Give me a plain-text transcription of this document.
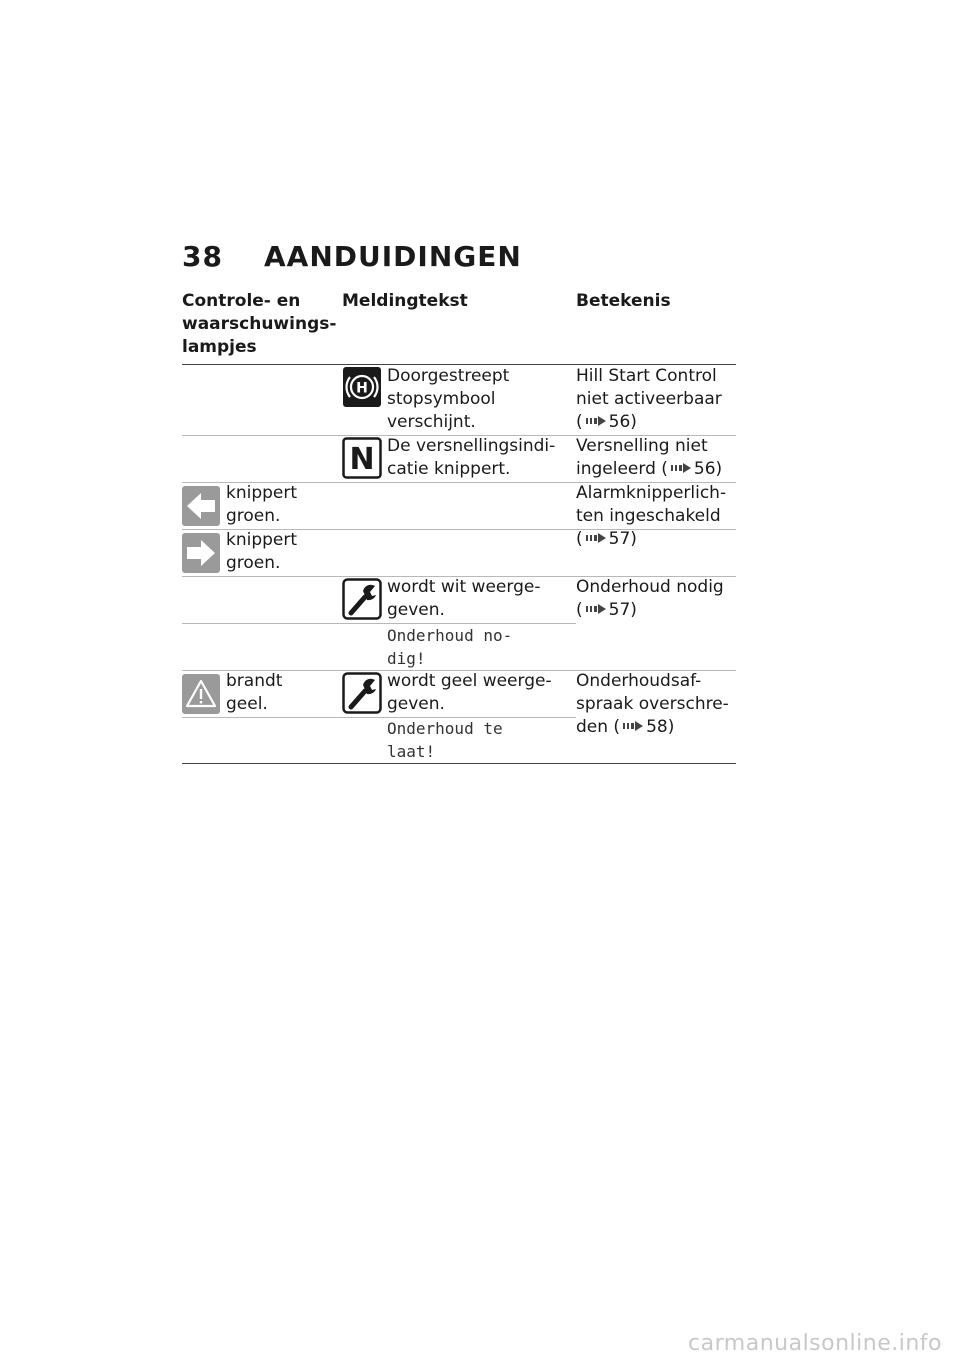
38 AANDUIDINGEN
Controle- en
waarschuwings-
lampjes
Meldingtekst	Betekenis
H
Doorgestreept
stopsymbool
verschijnt.
Hill Start Control
niet activeerbaar
( 56)
N De versnellingsindi-
catie knippert.
Versnelling niet
ingeleerd ( 56)
knippert
groen.
knippert
groen.
Alarmknipperlich-
ten ingeschakeld
( 57)
wordt wit weerge-
geven.
Onderhoud no-
dig!
Onderhoud nodig
( 57)
brandt
geel.
wordt geel weerge-
geven.
Onderhoud te
laat!
Onderhoudsaf-
spraak overschre-
den ( 58)
carmanualsonline.info
